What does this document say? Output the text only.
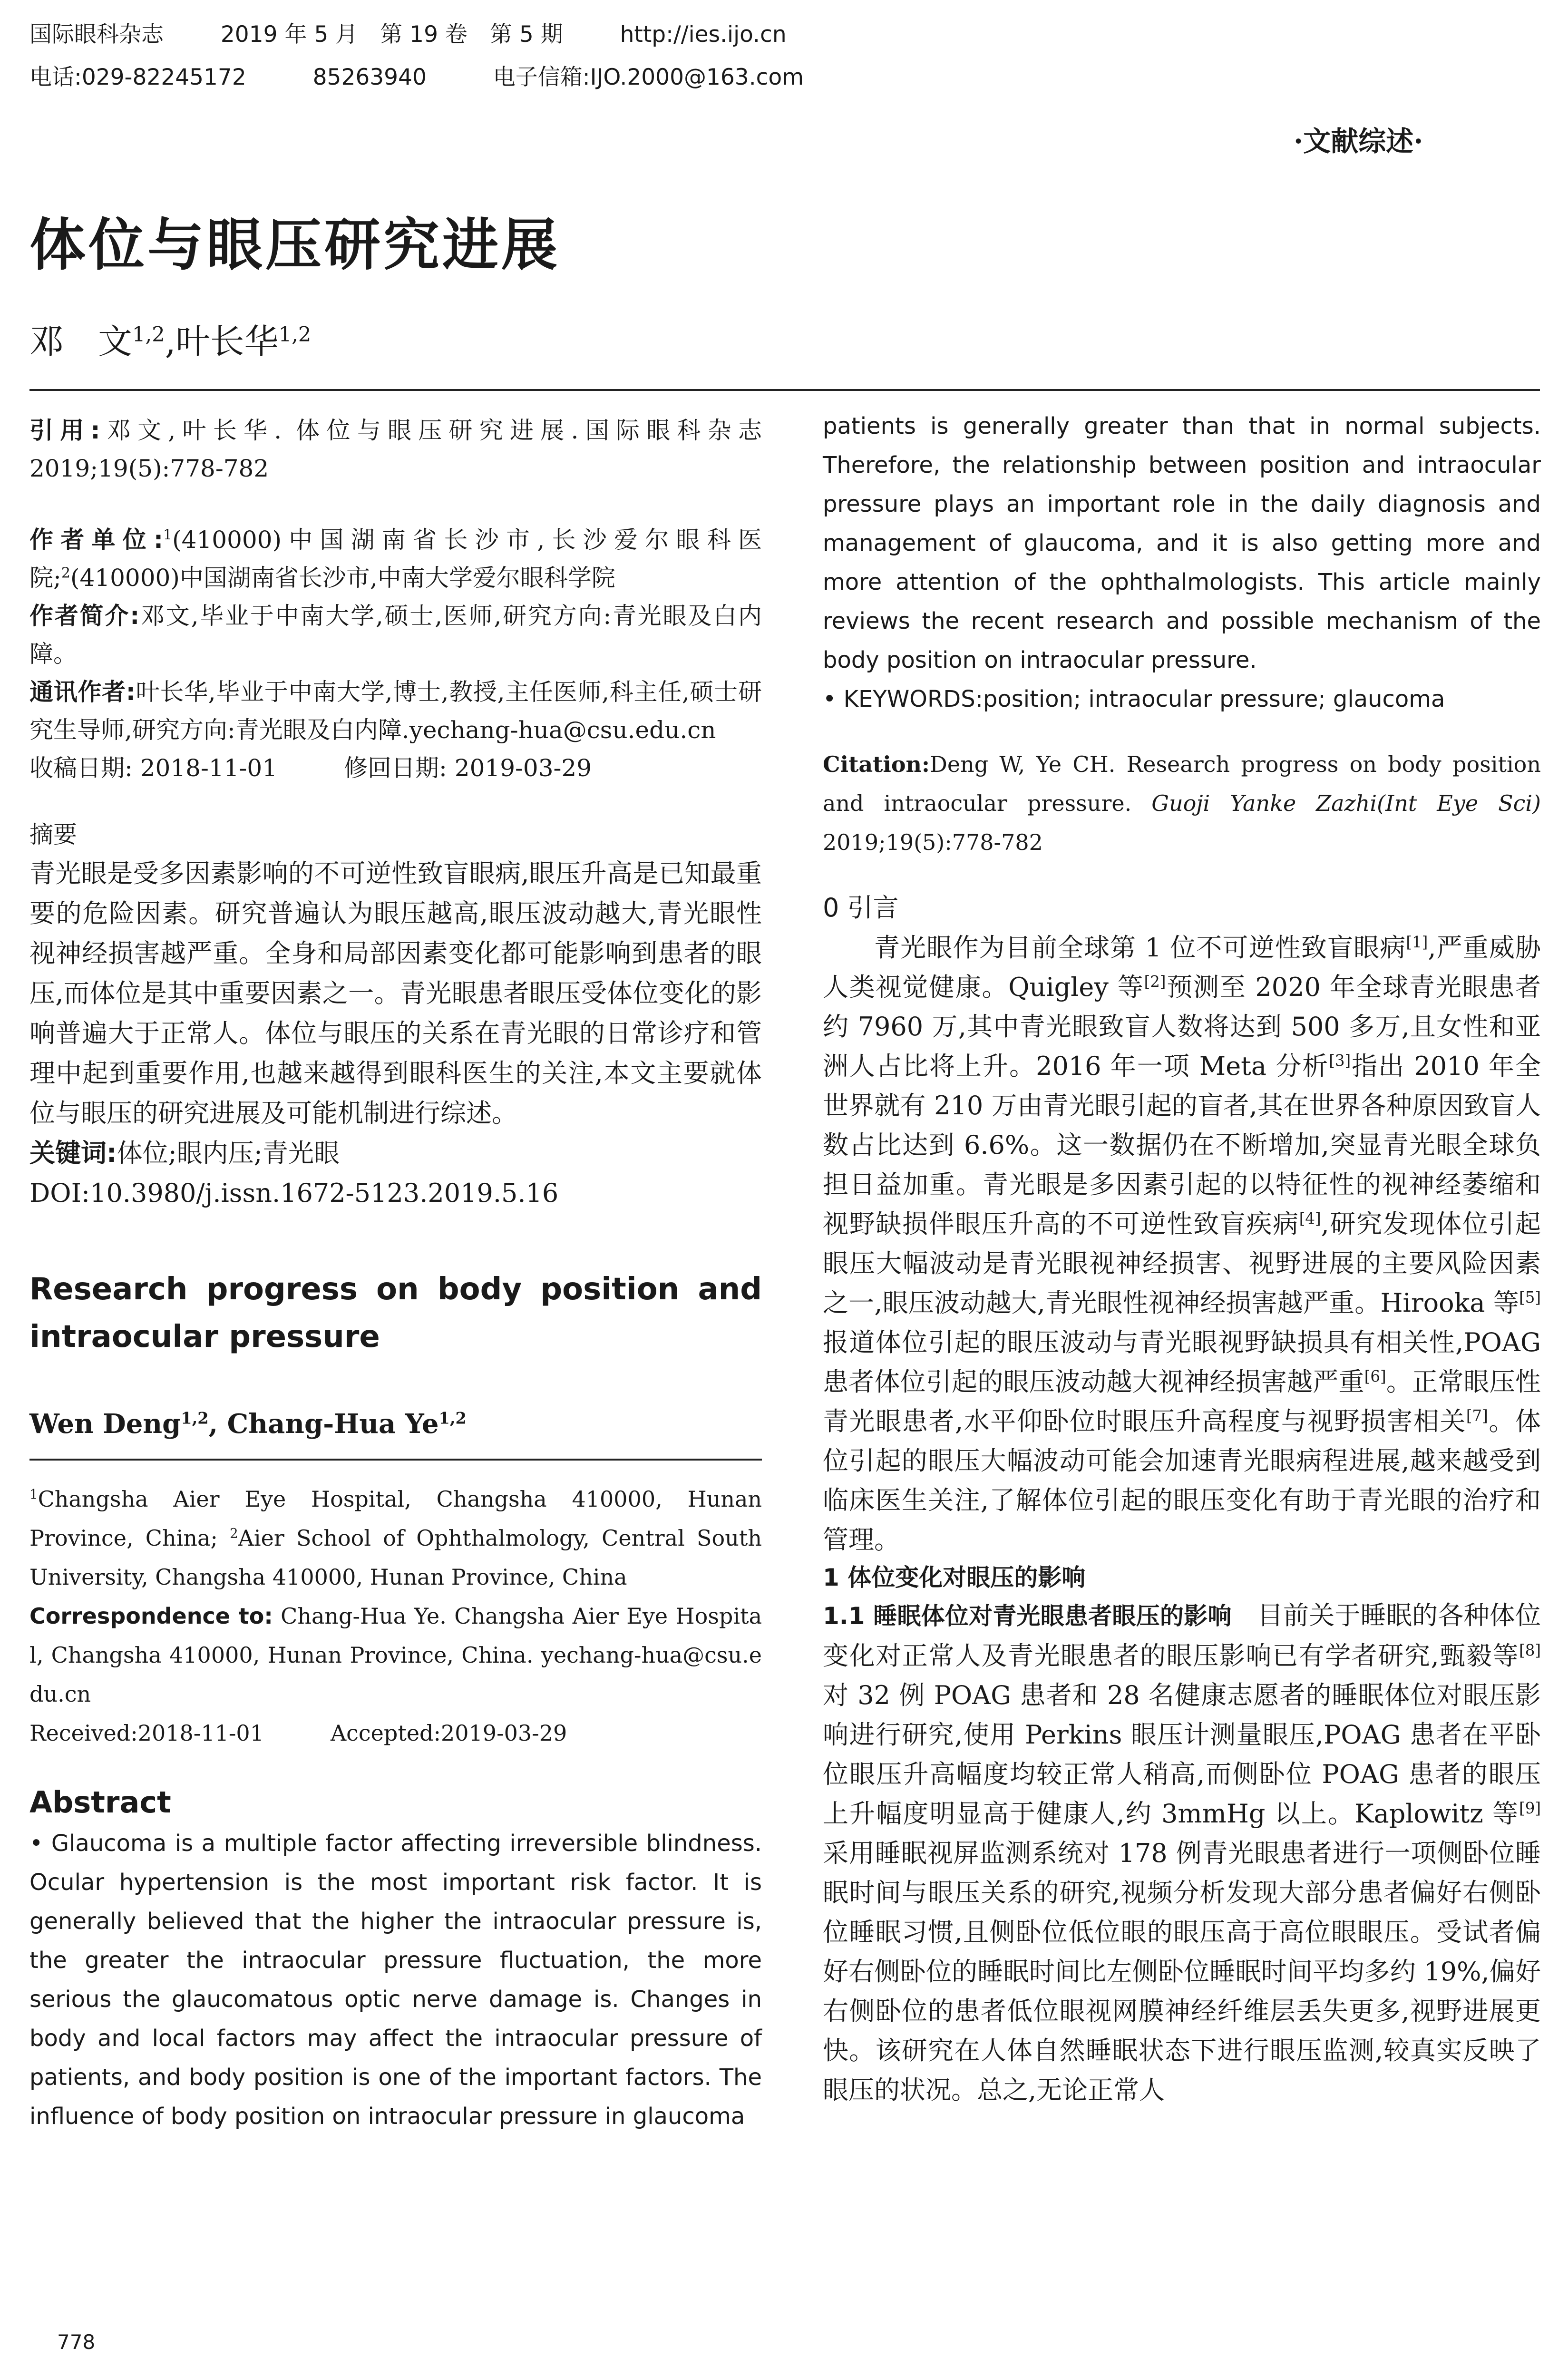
国际眼科杂志	2019 年 5 月　第 19 卷　第 5 期	http://ies.ijo.cn
电话:029-82245172	85263940	电子信箱:IJO.2000@163.com
·文献综述·
体位与眼压研究进展
邓　文$^{1,2}$,叶长华$^{1,2}$
引用:邓文,叶长华. 体位与眼压研究进展.国际眼科杂志 2019;19(5):778-782
作者单位:$^1$(410000)中国湖南省长沙市,长沙爱尔眼科医院;$^2$(410000)中国湖南省长沙市,中南大学爱尔眼科学院
作者简介:邓文,毕业于中南大学,硕士,医师,研究方向:青光眼及白内障。
通讯作者:叶长华,毕业于中南大学,博士,教授,主任医师,科主任,硕士研究生导师,研究方向:青光眼及白内障.yechang-hua@csu.edu.cn
收稿日期: 2018-11-01	修回日期: 2019-03-29
摘要
青光眼是受多因素影响的不可逆性致盲眼病,眼压升高是已知最重要的危险因素。研究普遍认为眼压越高,眼压波动越大,青光眼性视神经损害越严重。全身和局部因素变化都可能影响到患者的眼压,而体位是其中重要因素之一。青光眼患者眼压受体位变化的影响普遍大于正常人。体位与眼压的关系在青光眼的日常诊疗和管理中起到重要作用,也越来越得到眼科医生的关注,本文主要就体位与眼压的研究进展及可能机制进行综述。
关键词:体位;眼内压;青光眼
DOI:10.3980/j.issn.1672-5123.2019.5.16
Research progress on body position and intraocular pressure
Wen Deng$^{1,2}$, Chang-Hua Ye$^{1,2}$
$^1$Changsha Aier Eye Hospital, Changsha 410000, Hunan Province, China; $^2$Aier School of Ophthalmology, Central South University, Changsha 410000, Hunan Province, China
Correspondence to: Chang-Hua Ye. Changsha Aier Eye Hospital, Changsha 410000, Hunan Province, China. yechang-hua@csu.edu.cn
Received:2018-11-01	Accepted:2019-03-29
Abstract
• Glaucoma is a multiple factor affecting irreversible blindness. Ocular hypertension is the most important risk factor. It is generally believed that the higher the intraocular pressure is, the greater the intraocular pressure fluctuation, the more serious the glaucomatous optic nerve damage is. Changes in body and local factors may affect the intraocular pressure of patients, and body position is one of the important factors. The influence of body position on intraocular pressure in glaucoma
778
patients is generally greater than that in normal subjects. Therefore, the relationship between position and intraocular pressure plays an important role in the daily diagnosis and management of glaucoma, and it is also getting more and more attention of the ophthalmologists. This article mainly reviews the recent research and possible mechanism of the body position on intraocular pressure.
• KEYWORDS:position; intraocular pressure; glaucoma
Citation:Deng W, Ye CH. Research progress on body position and intraocular pressure. Guoji Yanke Zazhi(Int Eye Sci) 2019;19(5):778-782
0 引言
青光眼作为目前全球第 1 位不可逆性致盲眼病[1],严重威胁人类视觉健康。Quigley 等[2]预测至 2020 年全球青光眼患者约 7960 万,其中青光眼致盲人数将达到 500 多万,且女性和亚洲人占比将上升。2016 年一项 Meta 分析[3]指出 2010 年全世界就有 210 万由青光眼引起的盲者,其在世界各种原因致盲人数占比达到 6.6%。这一数据仍在不断增加,突显青光眼全球负担日益加重。青光眼是多因素引起的以特征性的视神经萎缩和视野缺损伴眼压升高的不可逆性致盲疾病[4],研究发现体位引起眼压大幅波动是青光眼视神经损害、视野进展的主要风险因素之一,眼压波动越大,青光眼性视神经损害越严重。Hirooka 等[5]报道体位引起的眼压波动与青光眼视野缺损具有相关性,POAG 患者体位引起的眼压波动越大视神经损害越严重[6]。正常眼压性青光眼患者,水平仰卧位时眼压升高程度与视野损害相关[7]。体位引起的眼压大幅波动可能会加速青光眼病程进展,越来越受到临床医生关注,了解体位引起的眼压变化有助于青光眼的治疗和管理。
1 体位变化对眼压的影响
1.1 睡眠体位对青光眼患者眼压的影响　目前关于睡眠的各种体位变化对正常人及青光眼患者的眼压影响已有学者研究,甄毅等[8]对 32 例 POAG 患者和 28 名健康志愿者的睡眠体位对眼压影响进行研究,使用 Perkins 眼压计测量眼压,POAG 患者在平卧位眼压升高幅度均较正常人稍高,而侧卧位 POAG 患者的眼压上升幅度明显高于健康人,约 3mmHg 以上。Kaplowitz 等[9]采用睡眠视屏监测系统对 178 例青光眼患者进行一项侧卧位睡眠时间与眼压关系的研究,视频分析发现大部分患者偏好右侧卧位睡眠习惯,且侧卧位低位眼的眼压高于高位眼眼压。受试者偏好右侧卧位的睡眠时间比左侧卧位睡眠时间平均多约 19%,偏好右侧卧位的患者低位眼视网膜神经纤维层丢失更多,视野进展更快。该研究在人体自然睡眠状态下进行眼压监测,较真实反映了眼压的状况。总之,无论正常人
